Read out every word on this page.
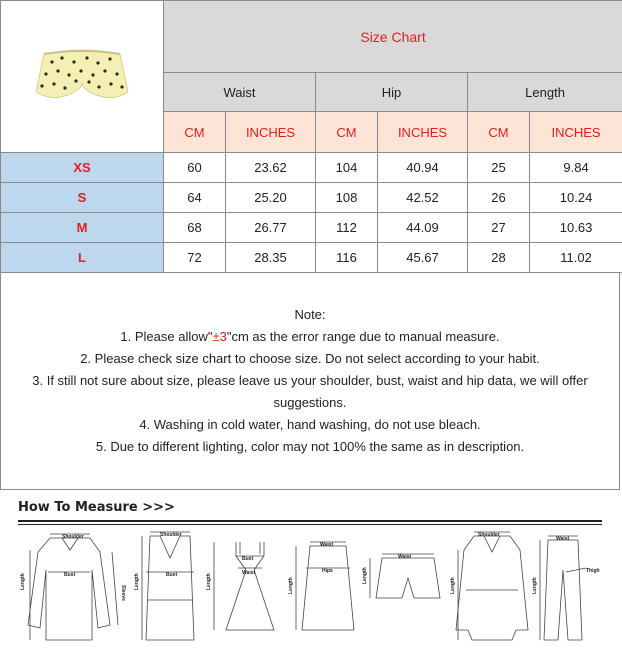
	Size Chart					
	Waist		Hip		Length	
	CM	INCHES	CM	INCHES	CM	INCHES
XS	60	23.62	104	40.94	25	9.84
S	64	25.20	108	42.52	26	10.24
M	68	26.77	112	44.09	27	10.63
L	72	28.35	116	45.67	28	11.02
Note:
1. Please allow"±3"cm as the error range due to manual measure.
2. Please check size chart to choose size. Do not select according to your habit.
3. If still not sure about size, please leave us your shoulder, bust, waist and hip data, we will offer
suggestions.
4. Washing in cold water, hand washing, do not use bleach.
5. Due to different lighting, color may not 100% the same as in description.
How To Measure >>>
Shoulder
Bust
Length
Sleeve
Shoulder
Bust
Length
Bust
Waist
Length
Waist
Hips
Length
Waist
Length
Shoulder
Length
Waist
Thigh
Length
